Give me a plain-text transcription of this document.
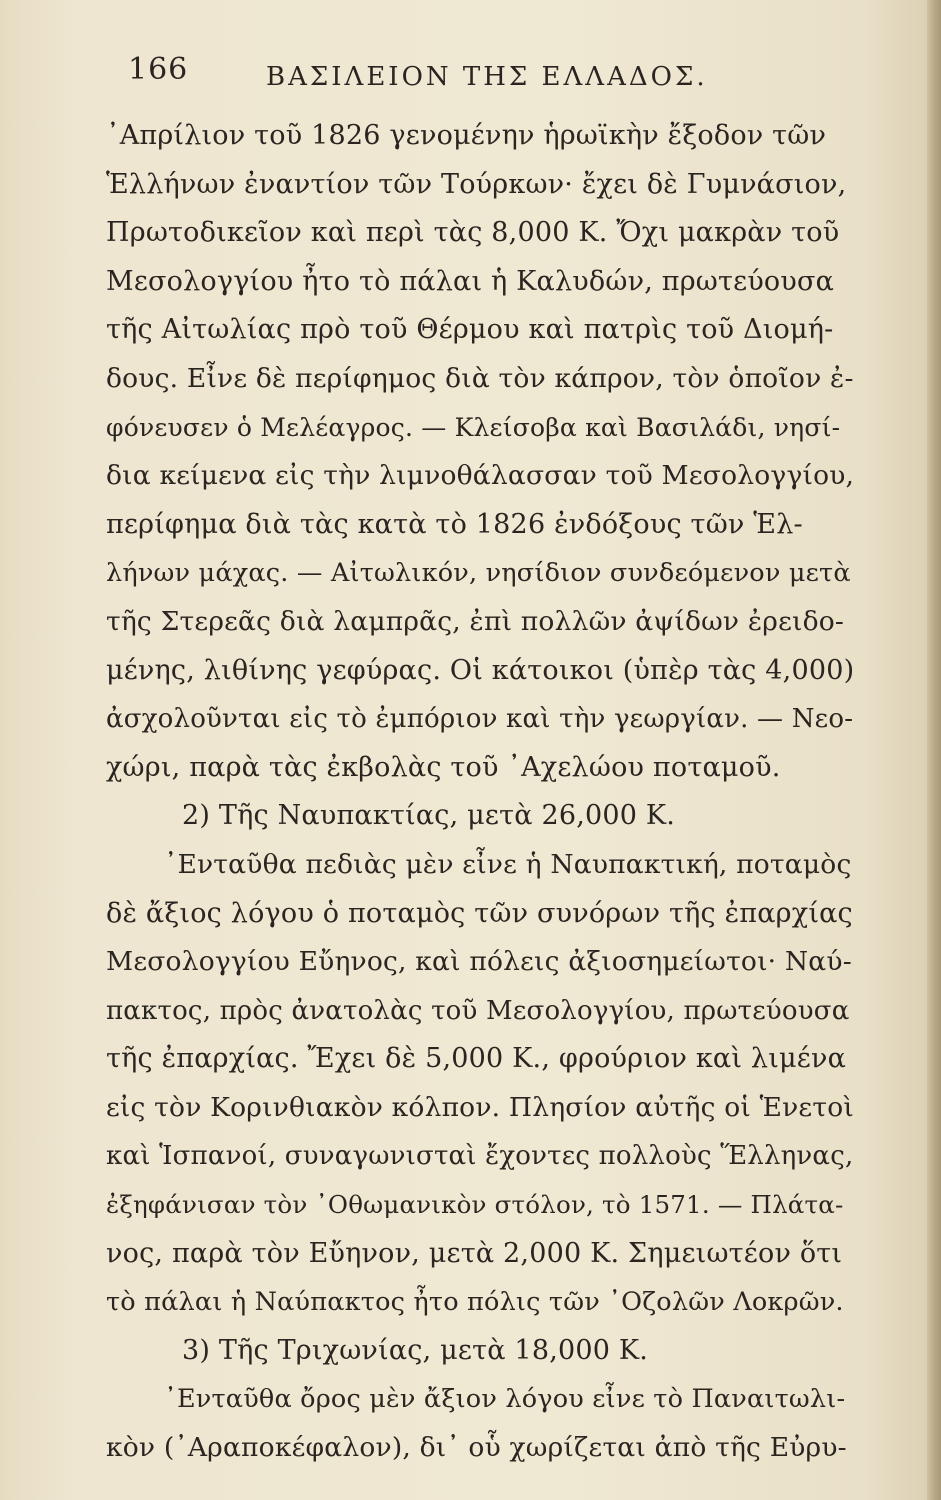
166	ΒΑΣΙΛΕΙΟΝ ΤΗΣ ΕΛΛΑΔΟΣ.
᾿Απρίλιον τοῦ 1826 γενομένην ἡρωϊκὴν ἔξοδον τῶν
Ἑλλήνων ἐναντίον τῶν Τούρκων· ἔχει δὲ Γυμνάσιον,
Πρωτοδικεῖον καὶ περὶ τὰς 8,000 Κ. Ὄχι μακρὰν τοῦ
Μεσολογγίου ἦτο τὸ πάλαι ἡ Καλυδών, πρωτεύουσα
τῆς Αἰτωλίας πρὸ τοῦ Θέρμου καὶ πατρὶς τοῦ Διομή-
δους. Εἶνε δὲ περίφημος διὰ τὸν κάπρον, τὸν ὁποῖον ἐ-
φόνευσεν ὁ Μελέαγρος. — Κλείσοβα καὶ Βασιλάδι, νησί-
δια κείμενα εἰς τὴν λιμνοθάλασσαν τοῦ Μεσολογγίου,
περίφημα διὰ τὰς κατὰ τὸ 1826 ἐνδόξους τῶν Ἑλ-
λήνων μάχας. — Αἰτωλικόν, νησίδιον συνδεόμενον μετὰ
τῆς Στερεᾶς διὰ λαμπρᾶς, ἐπὶ πολλῶν ἀψίδων ἐρειδο-
μένης, λιθίνης γεφύρας. Οἱ κάτοικοι (ὑπὲρ τὰς 4,000)
ἀσχολοῦνται εἰς τὸ ἐμπόριον καὶ τὴν γεωργίαν. — Νεο-
χώρι, παρὰ τὰς ἐκβολὰς τοῦ ᾿Αχελώου ποταμοῦ.
2) Τῆς Ναυπακτίας, μετὰ 26,000 Κ.
᾿Ενταῦθα πεδιὰς μὲν εἶνε ἡ Ναυπακτική, ποταμὸς
δὲ ἄξιος λόγου ὁ ποταμὸς τῶν συνόρων τῆς ἐπαρχίας
Μεσολογγίου Εὔηνος, καὶ πόλεις ἀξιοσημείωτοι· Ναύ-
πακτος, πρὸς ἀνατολὰς τοῦ Μεσολογγίου, πρωτεύουσα
τῆς ἐπαρχίας. Ἔχει δὲ 5,000 Κ., φρούριον καὶ λιμένα
εἰς τὸν Κορινθιακὸν κόλπον. Πλησίον αὐτῆς οἱ Ἑνετοὶ
καὶ Ἱσπανοί, συναγωνισταὶ ἔχοντες πολλοὺς Ἕλληνας,
ἐξηφάνισαν τὸν ᾿Οθωμανικὸν στόλον, τὸ 1571. — Πλάτα-
νος, παρὰ τὸν Εὔηνον, μετὰ 2,000 Κ. Σημειωτέον ὅτι
τὸ πάλαι ἡ Ναύπακτος ἦτο πόλις τῶν ᾿Οζολῶν Λοκρῶν.
3) Τῆς Τριχωνίας, μετὰ 18,000 Κ.
᾿Ενταῦθα ὄρος μὲν ἄξιον λόγου εἶνε τὸ Παναιτωλι-
κὸν (᾿Αραποκέφαλον), δι᾿ οὗ χωρίζεται ἀπὸ τῆς Εὐρυ-
